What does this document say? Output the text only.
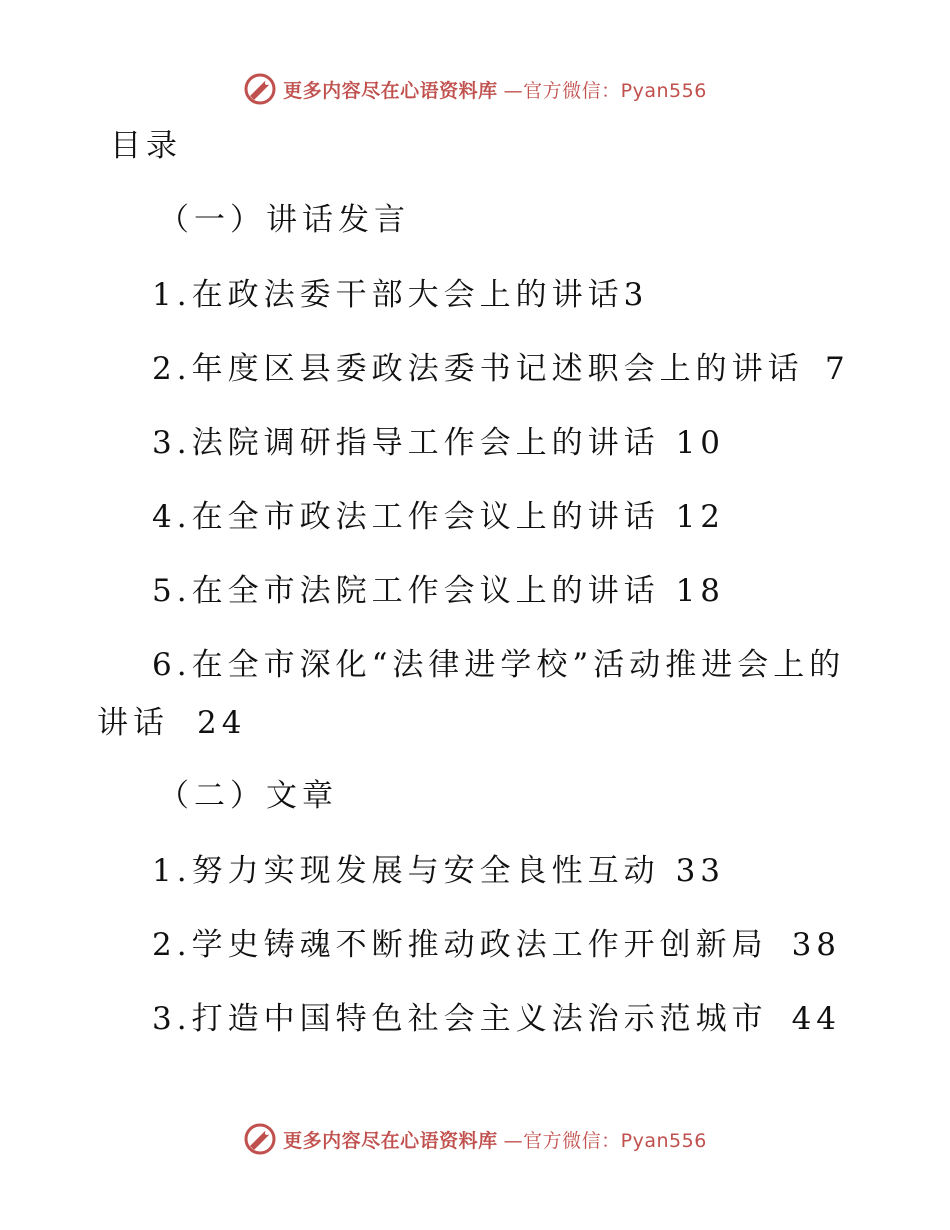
更多内容尽在心语资料库 —官方微信：Pyan556
目录
（一）讲话发言
1.在政法委干部大会上的讲话3
2.年度区县委政法委书记述职会上的讲话 7
3.法院调研指导工作会上的讲话 10
4.在全市政法工作会议上的讲话 12
5.在全市法院工作会议上的讲话 18
6.在全市深化“法律进学校”活动推进会上的
讲话 24
（二）文章
1.努力实现发展与安全良性互动 33
2.学史铸魂不断推动政法工作开创新局 38
3.打造中国特色社会主义法治示范城市 44
更多内容尽在心语资料库 —官方微信：Pyan556
